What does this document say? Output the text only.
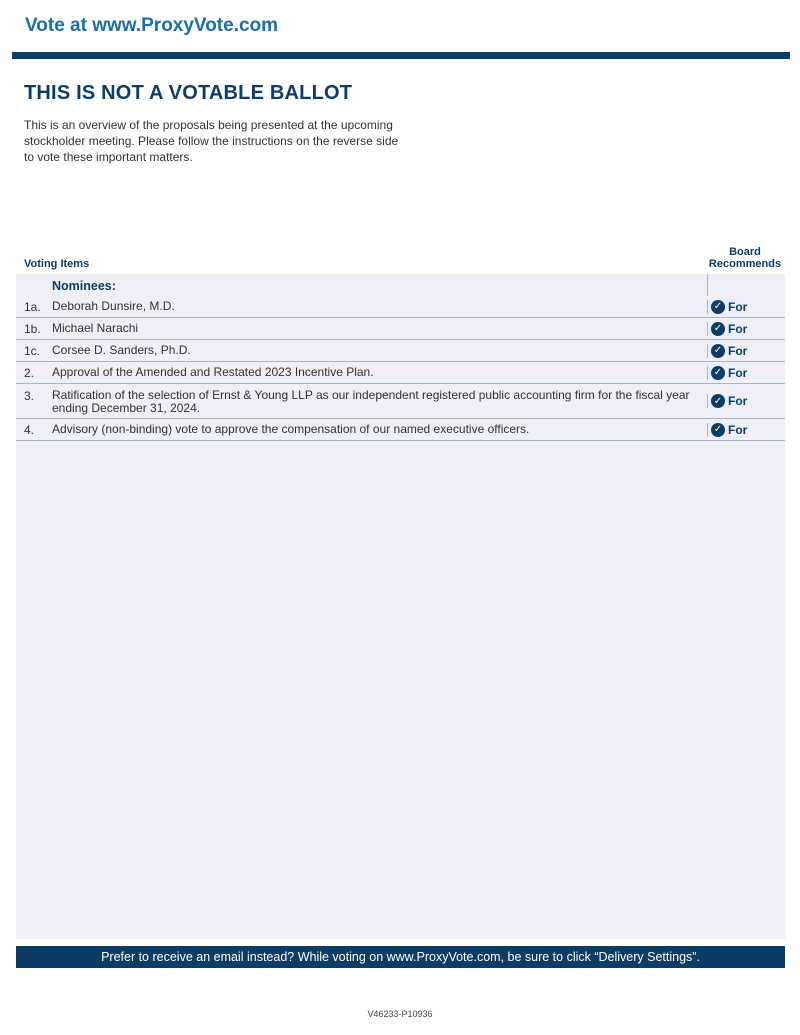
Vote at www.ProxyVote.com
THIS IS NOT A VOTABLE BALLOT
This is an overview of the proposals being presented at the upcoming stockholder meeting. Please follow the instructions on the reverse side to vote these important matters.
Voting Items
Board
Recommends
Nominees:
1a. Deborah Dunsire, M.D.	✓ For
1b. Michael Narachi	✓ For
1c. Corsee D. Sanders, Ph.D.	✓ For
2.	Approval of the Amended and Restated 2023 Incentive Plan.	✓ For
3.	Ratification of the selection of Ernst & Young LLP as our independent registered public accounting firm for the fiscal year ending December 31, 2024.	✓ For
4.	Advisory (non-binding) vote to approve the compensation of our named executive officers.	✓ For
Prefer to receive an email instead? While voting on www.ProxyVote.com, be sure to click “Delivery Settings”.
V46233-P10936
